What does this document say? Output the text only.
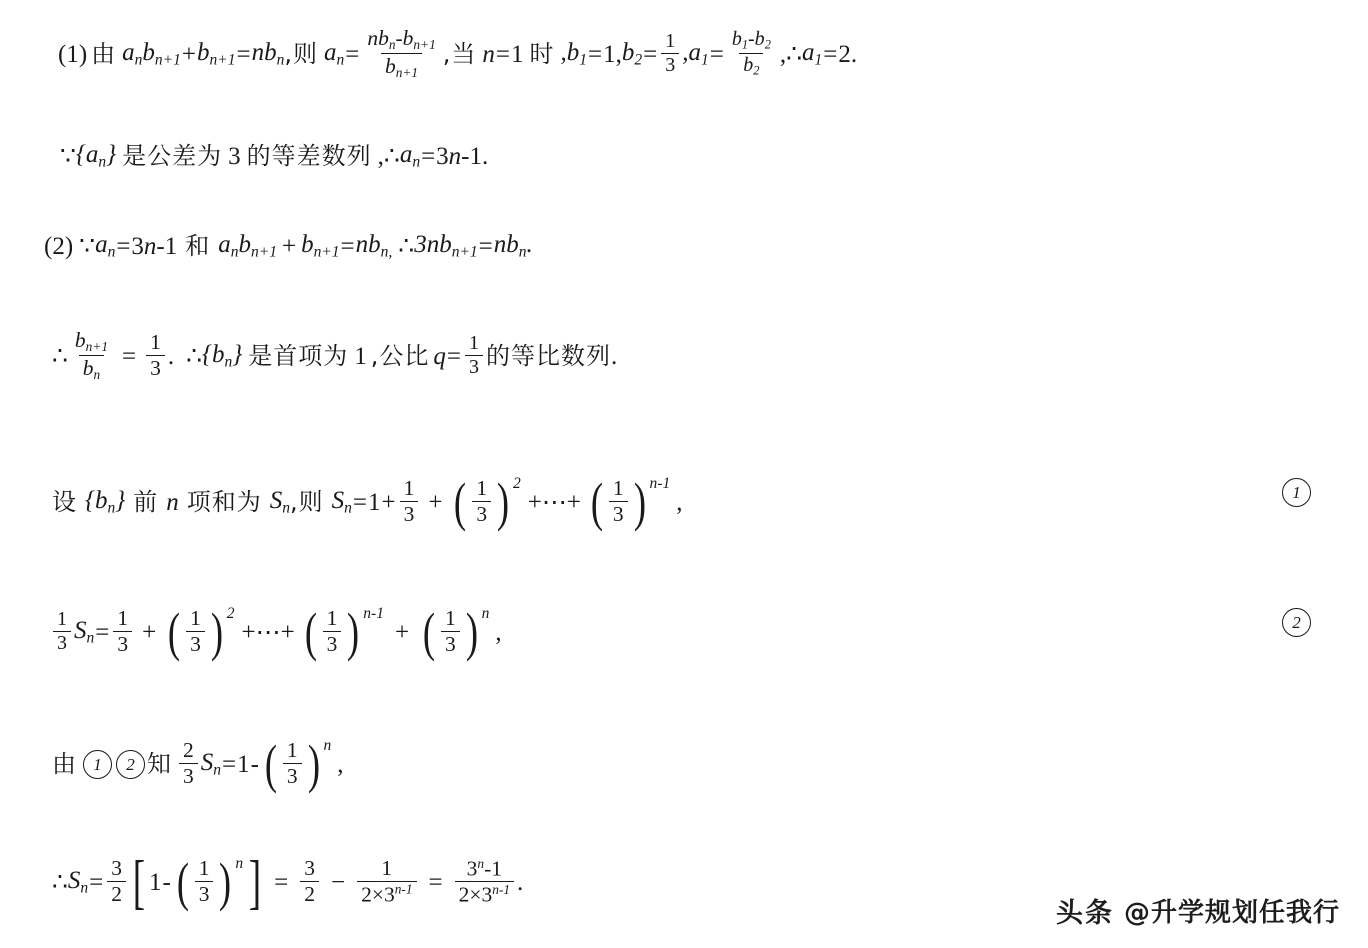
(1) 由 $a_nb_{n+1} + b_{n+1} = nb_n$ ,则 $a_n = \frac{nb_n-b_{n+1}}{b_{n+1}}$ ,当 n = 1 时 $,b_1 = 1$, $b_2 = \frac{1}{3} ,a_1 = \frac{b_1-b_2}{b_2}$ ,∴ $a_1 = 2$.
∵ $\{a_n\}$ 是公差为 3 的等差数列 ,∴ $a_n = 3n-1$.
(2) ∵ $a_n = 3n-1$ 和 $a_nb_{n+1} + b_{n+1} = nb_{n,}$ ∴ $3nb_{n+1} = nb_n$.
∴ $\frac{b_{n+1}}{b_n} = \frac{1}{3}$ . ∴ $\{b_n\}$ 是首项为 1 ,公比 $q = \frac{1}{3}$ 的等比数列 .
设 $\{b_n\}$ 前 n 项和为 $S_n$ ,则 $S_n = 1 + \frac{1}{3}$ + ( $\frac{1}{3}$ ) 2
+⋯+ ( $\frac{1}{3}$ ) n-1
,	1
$\frac{1}{3} S_n = \frac{1}{3}$ + ( $\frac{1}{3}$ ) 2
+⋯+ ( $\frac{1}{3}$ ) n-1
+ ( $\frac{1}{3}$ ) n
,	2
由 1	2 知 $\frac{2}{3} S_n = 1$ - ( $\frac{1}{3}$ ) n
,
∴ $S_n = \frac{3}{2}$ [ 1 - ( $\frac{1}{3}$ ) n ] = $\frac{3}{2} - \frac{1}{2\times 3^{n-1}} = \frac{3^n-1}{2\times 3^{n-1}}$ .
头条 @升学规划任我行
